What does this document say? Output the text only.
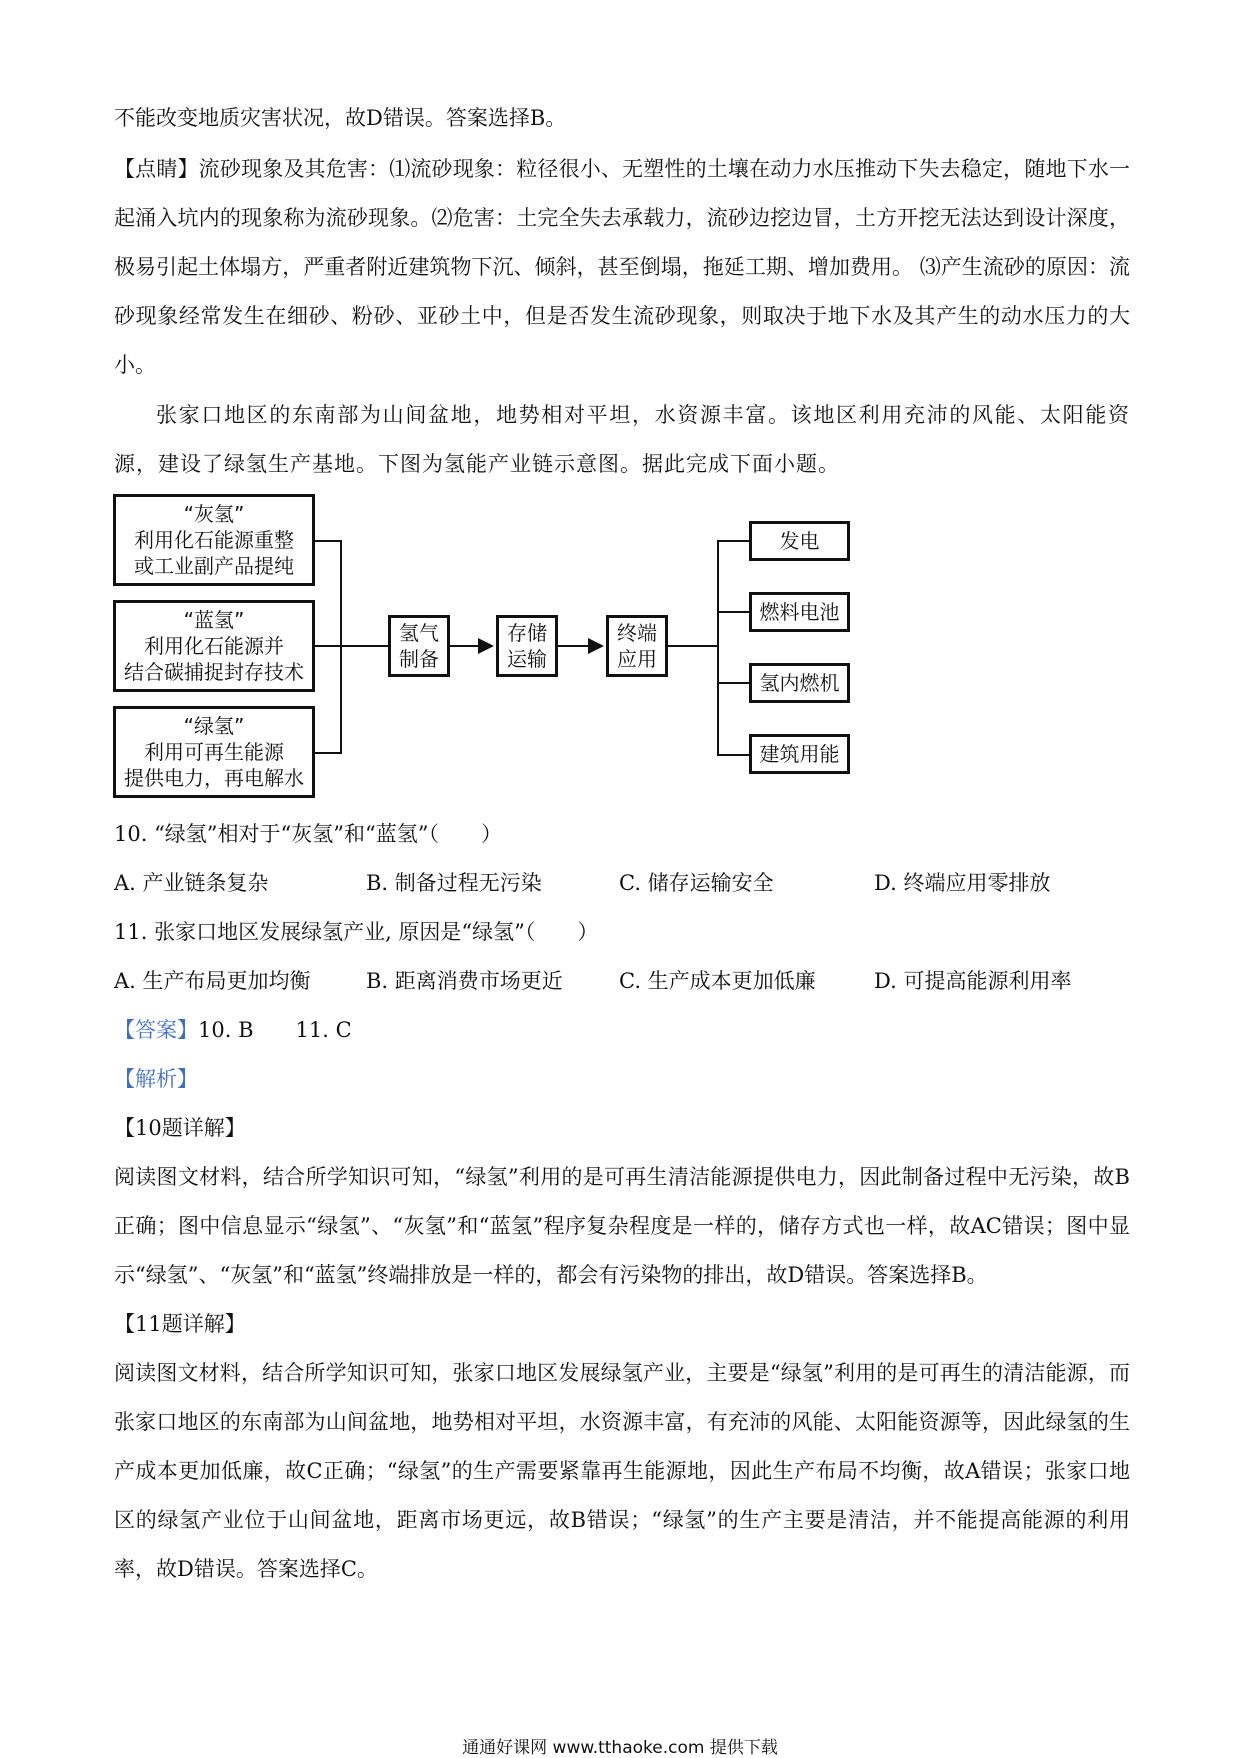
不能改变地质灾害状况，故D错误。答案选择B。
【点睛】流砂现象及其危害：⑴流砂现象：粒径很小、无塑性的土壤在动力水压推动下失去稳定，随地下水一起涌入坑内的现象称为流砂现象。⑵危害：土完全失去承载力，流砂边挖边冒，土方开挖无法达到设计深度，极易引起土体塌方，严重者附近建筑物下沉、倾斜，甚至倒塌，拖延工期、增加费用。 ⑶产生流砂的原因：流砂现象经常发生在细砂、粉砂、亚砂土中，但是否发生流砂现象，则取决于地下水及其产生的动水压力的大小。
张家口地区的东南部为山间盆地，地势相对平坦，水资源丰富。该地区利用充沛的风能、太阳能资源，建设了绿氢生产基地。下图为氢能产业链示意图。据此完成下面小题。
“灰氢”
利用化石能源重整
或工业副产品提纯
“蓝氢”
利用化石能源并
结合碳捕捉封存技术
“绿氢”
利用可再生能源
提供电力，再电解水
氢气
制备
存储
运输
终端
应用
发电
燃料电池
氢内燃机
建筑用能
10. “绿氢”相对于“灰氢”和“蓝氢”（　　）
A. 产业链条复杂	B. 制备过程无污染	C. 储存运输安全	D. 终端应用零排放
11. 张家口地区发展绿氢产业, 原因是“绿氢”（　　）
A. 生产布局更加均衡	B. 距离消费市场更近	C. 生产成本更加低廉	D. 可提高能源利用率
【答案】10. B　　11. C
【解析】
【10题详解】
阅读图文材料，结合所学知识可知，“绿氢”利用的是可再生清洁能源提供电力，因此制备过程中无污染，故B正确；图中信息显示“绿氢”、“灰氢”和“蓝氢”程序复杂程度是一样的，储存方式也一样，故AC错误；图中显示“绿氢”、“灰氢”和“蓝氢”终端排放是一样的，都会有污染物的排出，故D错误。答案选择B。
【11题详解】
阅读图文材料，结合所学知识可知，张家口地区发展绿氢产业，主要是“绿氢”利用的是可再生的清洁能源，而张家口地区的东南部为山间盆地，地势相对平坦，水资源丰富，有充沛的风能、太阳能资源等，因此绿氢的生产成本更加低廉，故C正确；“绿氢”的生产需要紧靠再生能源地，因此生产布局不均衡，故A错误；张家口地区的绿氢产业位于山间盆地，距离市场更远，故B错误；“绿氢”的生产主要是清洁，并不能提高能源的利用率，故D错误。答案选择C。
通通好课网 www.tthaoke.com 提供下载
